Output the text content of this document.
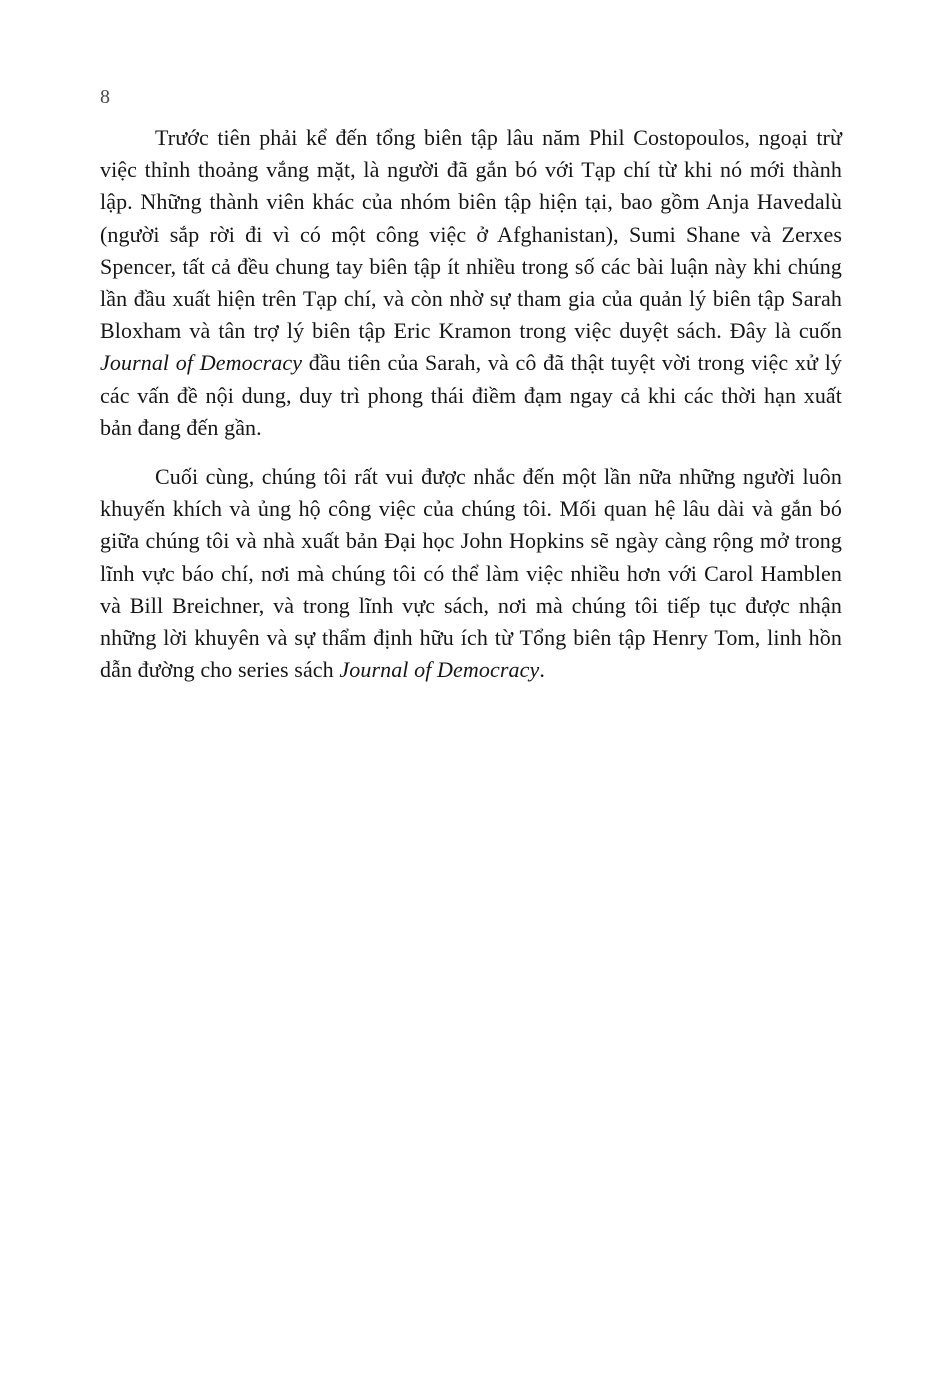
8

Trước tiên phải kể đến tổng biên tập lâu năm Phil Costopoulos, ngoại trừ việc thỉnh thoảng vắng mặt, là người đã gắn bó với Tạp chí từ khi nó mới thành lập. Những thành viên khác của nhóm biên tập hiện tại, bao gồm Anja Havedalù (người sắp rời đi vì có một công việc ở Afghanistan), Sumi Shane và Zerxes Spencer, tất cả đều chung tay biên tập ít nhiều trong số các bài luận này khi chúng lần đầu xuất hiện trên Tạp chí, và còn nhờ sự tham gia của quản lý biên tập Sarah Bloxham và tân trợ lý biên tập Eric Kramon trong việc duyệt sách. Đây là cuốn Journal of Democracy đầu tiên của Sarah, và cô đã thật tuyệt vời trong việc xử lý các vấn đề nội dung, duy trì phong thái điềm đạm ngay cả khi các thời hạn xuất bản đang đến gần.

Cuối cùng, chúng tôi rất vui được nhắc đến một lần nữa những người luôn khuyến khích và ủng hộ công việc của chúng tôi. Mối quan hệ lâu dài và gắn bó giữa chúng tôi và nhà xuất bản Đại học John Hopkins sẽ ngày càng rộng mở trong lĩnh vực báo chí, nơi mà chúng tôi có thể làm việc nhiều hơn với Carol Hamblen và Bill Breichner, và trong lĩnh vực sách, nơi mà chúng tôi tiếp tục được nhận những lời khuyên và sự thẩm định hữu ích từ Tổng biên tập Henry Tom, linh hồn dẫn đường cho series sách Journal of Democracy.
